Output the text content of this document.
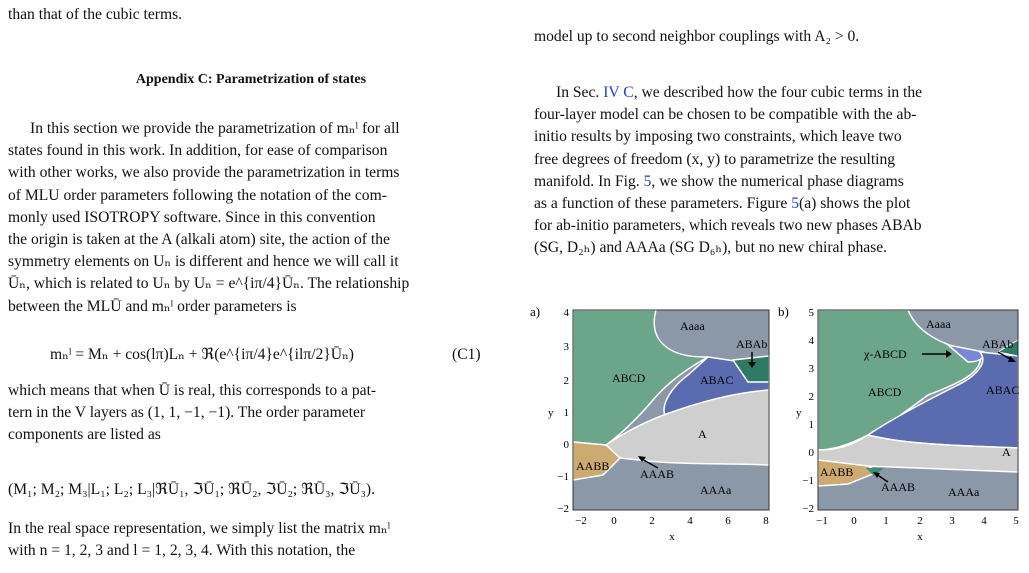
than that of the cubic terms.
Appendix C: Parametrization of states
In this section we provide the parametrization of mₙˡ for all
states found in this work. In addition, for ease of comparison
with other works, we also provide the parametrization in terms
of MLU order parameters following the notation of the com-
monly used ISOTROPY software. Since in this convention
the origin is taken at the A (alkali atom) site, the action of the
symmetry elements on Uₙ is different and hence we will call it
Ūₙ, which is related to Uₙ by Uₙ = e^{iπ/4}Ūₙ. The relationship
between the MLŪ and mₙˡ order parameters is
mₙˡ = Mₙ + cos(lπ)Lₙ + ℜ(e^{iπ/4}e^{ilπ/2}Ūₙ)	(C1)
which means that when Ū is real, this corresponds to a pat-
tern in the V layers as (1, 1, −1, −1). The order parameter
components are listed as
(M₁; M₂; M₃|L₁; L₂; L₃|ℜŪ₁, ℑŪ₁; ℜŪ₂, ℑŪ₂; ℜŪ₃, ℑŪ₃).
In the real space representation, we simply list the matrix mₙˡ
with n = 1, 2, 3 and l = 1, 2, 3, 4. With this notation, the
model up to second neighbor couplings with A₂ > 0.
In Sec. IV C, we described how the four cubic terms in the
four-layer model can be chosen to be compatible with the ab-
initio results by imposing two constraints, which leave two
free degrees of freedom (x, y) to parametrize the resulting
manifold. In Fig. 5, we show the numerical phase diagrams
as a function of these parameters. Figure 5(a) shows the plot
for ab-initio parameters, which reveals two new phases ABAb
(SG, D₂ₕ) and AAAa (SG D₆ₕ), but no new chiral phase.
a)
Aaaa
ABAb
ABCD	ABAC
A
AABB
AAAB
AAAa
−2 0	2	4	6	8
x
4
3
2
1
0
−1
−2
y
b)
Aaaa
ABAb
χ-ABCD
ABCD	ABAC
A
AABB
AAAB	AAAa
−1 0 1	2 3 4 5
x
5
4
3
2
1
0
−1
−2
y
